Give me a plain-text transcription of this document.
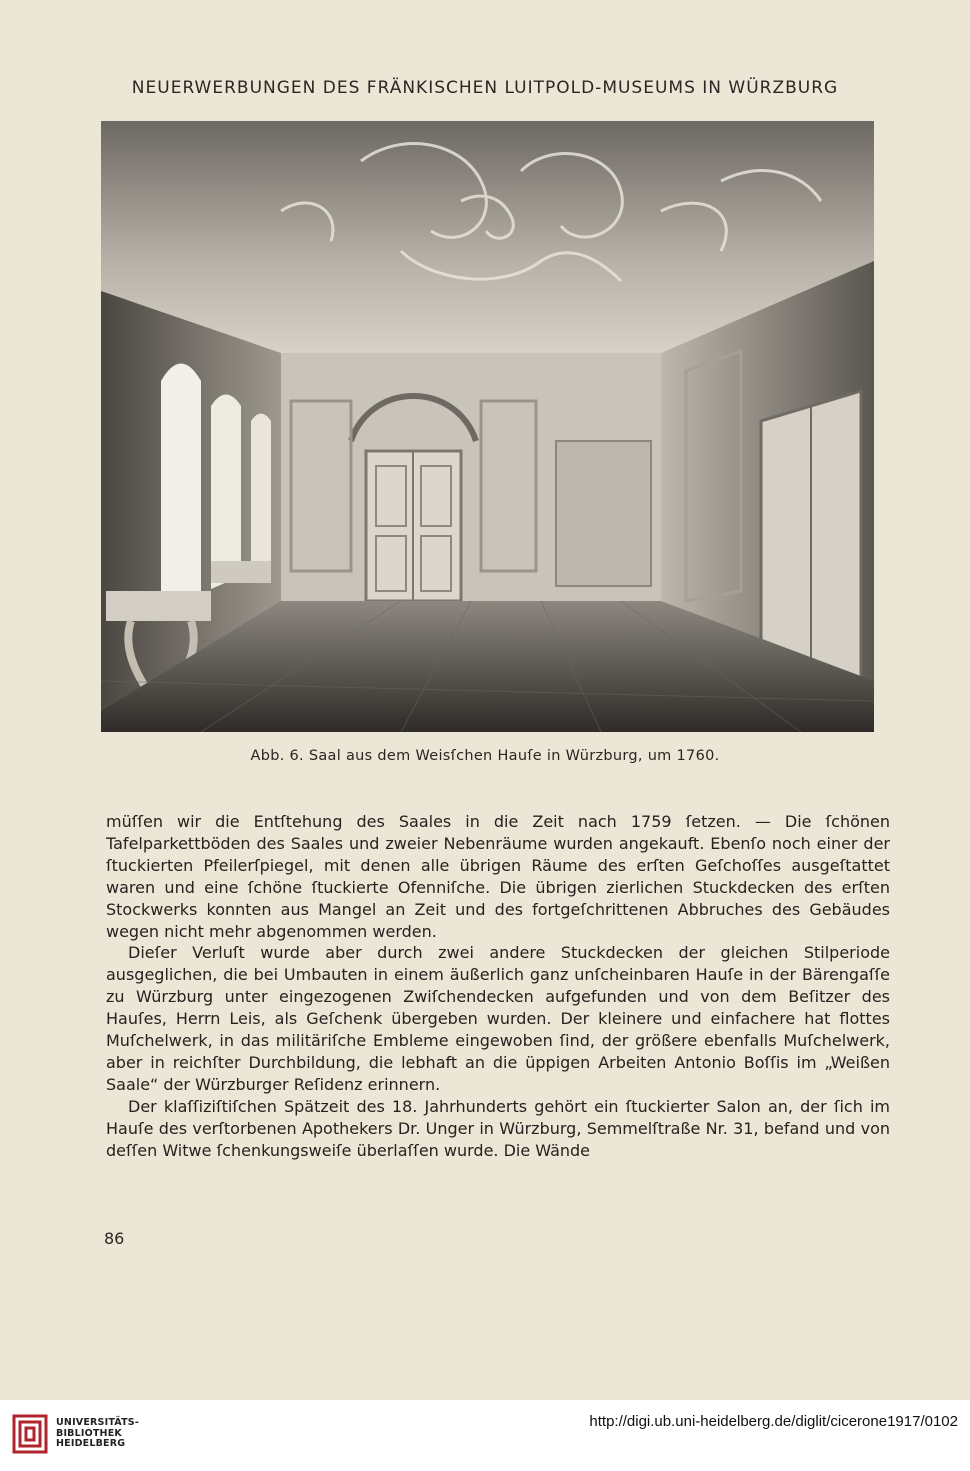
NEUERWERBUNGEN DES FRÄNKISCHEN LUITPOLD-MUSEUMS IN WÜRZBURG
Abb. 6. Saal aus dem Weisſchen Hauſe in Würzburg, um 1760.

müſſen wir die Entſtehung des Saales in die Zeit nach 1759 ſetzen. — Die ſchönen Tafelparkettböden des Saales und zweier Nebenräume wurden angekauft. Ebenſo noch einer der ſtuckierten Pfeilerſpiegel, mit denen alle übrigen Räume des erſten Geſchoſſes ausgeſtattet waren und eine ſchöne ſtuckierte Ofenniſche. Die übrigen zierlichen Stuckdecken des erſten Stockwerks konnten aus Mangel an Zeit und des fortgeſchrittenen Abbruches des Gebäudes wegen nicht mehr abgenommen werden.

Dieſer Verluſt wurde aber durch zwei andere Stuckdecken der gleichen Stilperiode ausgeglichen, die bei Umbauten in einem äußerlich ganz unſcheinbaren Hauſe in der Bärengaſſe zu Würzburg unter eingezogenen Zwiſchendecken aufgefunden und von dem Beſitzer des Hauſes, Herrn Leis, als Geſchenk übergeben wurden. Der kleinere und einfachere hat flottes Muſchelwerk, in das militäriſche Embleme eingewoben ſind, der größere ebenfalls Muſchelwerk, aber in reichſter Durchbildung, die lebhaft an die üppigen Arbeiten Antonio Boſſis im „Weißen Saale“ der Würzburger Reſidenz erinnern.

Der klaſſiziſtiſchen Spätzeit des 18. Jahrhunderts gehört ein ſtuckierter Salon an, der ſich im Hauſe des verſtorbenen Apothekers Dr. Unger in Würzburg, Semmelſtraße Nr. 31, befand und von deſſen Witwe ſchenkungsweiſe überlaſſen wurde. Die Wände

86
UNIVERSITÄTS-
BIBLIOTHEK
HEIDELBERG
http://digi.ub.uni-heidelberg.de/diglit/cicerone1917/0102
